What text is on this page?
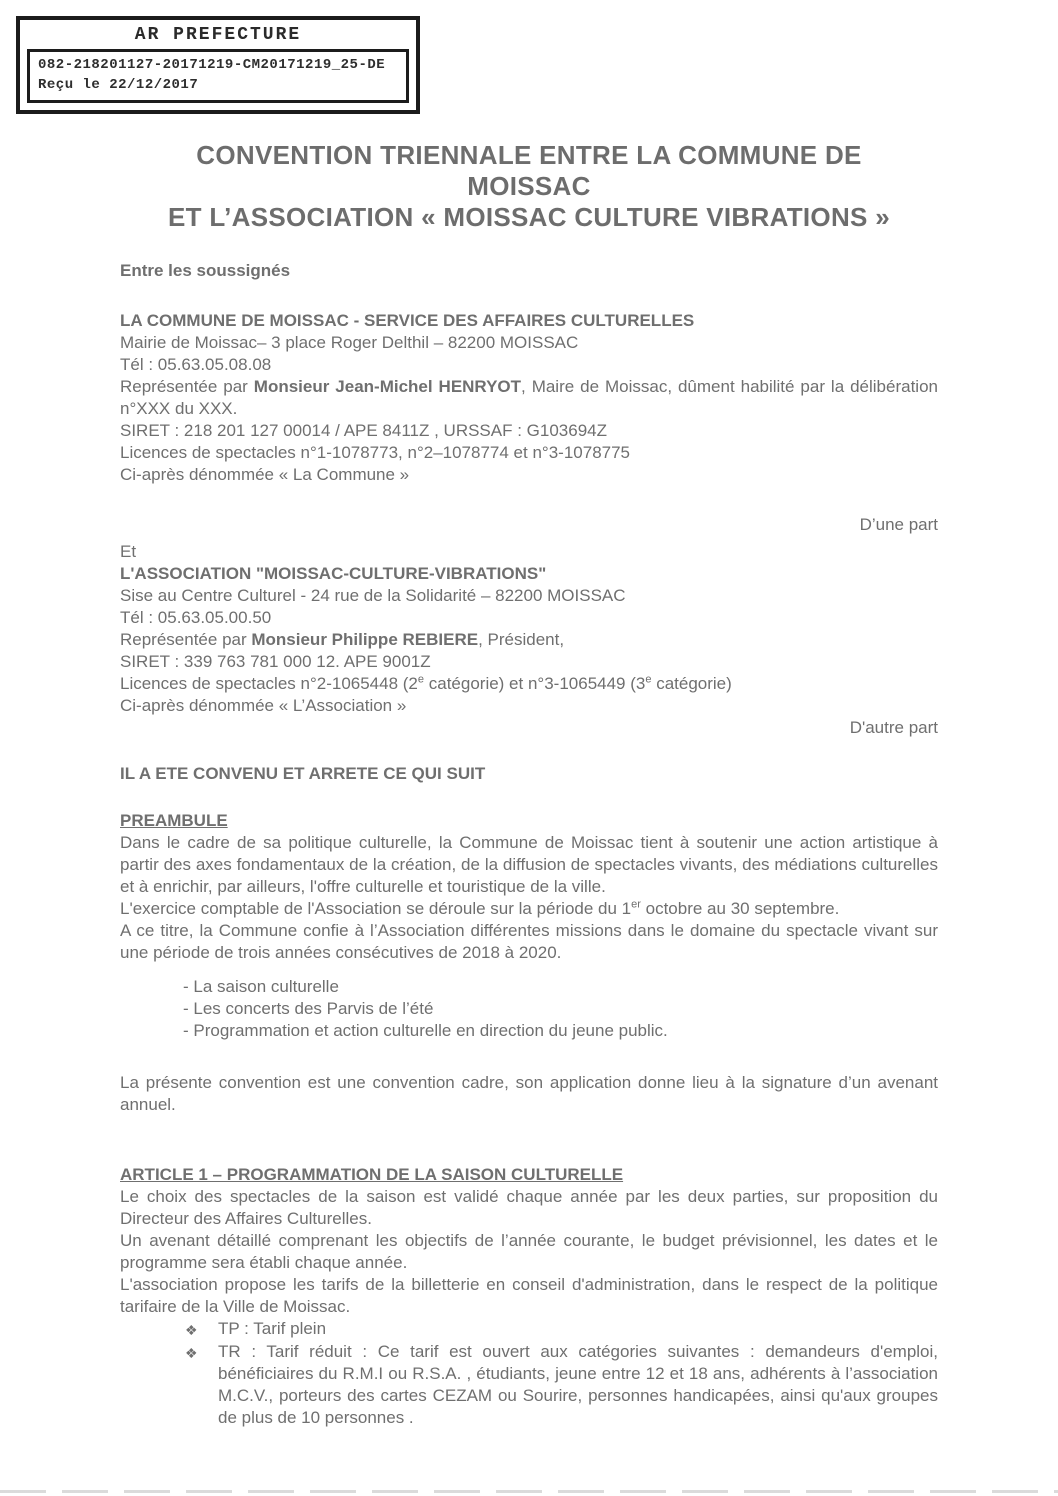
AR PREFECTURE
082-218201127-20171219-CM20171219_25-DE
Reçu le 22/12/2017
CONVENTION TRIENNALE ENTRE LA COMMUNE DE
MOISSAC
ET L’ASSOCIATION « MOISSAC CULTURE VIBRATIONS »
Entre les soussignés
LA COMMUNE DE MOISSAC - SERVICE DES AFFAIRES CULTURELLES
Mairie de Moissac– 3 place Roger Delthil – 82200 MOISSAC
Tél : 05.63.05.08.08

Représentée par Monsieur Jean-Michel HENRYOT, Maire de Moissac, dûment habilité par la délibération n°XXX du XXX.

SIRET : 218 201 127 00014 / APE 8411Z , URSSAF : G103694Z
Licences de spectacles n°1-1078773, n°2–1078774 et n°3-1078775
Ci-après dénommée « La Commune »
D’une part
Et
L'ASSOCIATION "MOISSAC-CULTURE-VIBRATIONS"
Sise au Centre Culturel - 24 rue de la Solidarité – 82200 MOISSAC
Tél : 05.63.05.00.50

Représentée par Monsieur Philippe REBIERE, Président,

SIRET : 339 763 781 000 12. APE 9001Z
Licences de spectacles n°2-1065448 (2e catégorie) et n°3-1065449 (3e catégorie)
Ci-après dénommée « L’Association »
D'autre part
IL A ETE CONVENU ET ARRETE CE QUI SUIT
PREAMBULE

Dans le cadre de sa politique culturelle, la Commune de Moissac tient à soutenir une action artistique à partir des axes fondamentaux de la création, de la diffusion de spectacles vivants, des médiations culturelles et à enrichir, par ailleurs, l'offre culturelle et touristique de la ville.

L'exercice comptable de l'Association se déroule sur la période du 1er octobre au 30 septembre.

A ce titre, la Commune confie à l’Association différentes missions dans le domaine du spectacle vivant sur une période de trois années consécutives de 2018 à 2020.

- La saison culturelle
- Les concerts des Parvis de l’été
- Programmation et action culturelle en direction du jeune public.

La présente convention est une convention cadre, son application donne lieu à la signature d’un avenant annuel.

ARTICLE 1 – PROGRAMMATION DE LA SAISON CULTURELLE

Le choix des spectacles de la saison est validé chaque année par les deux parties, sur proposition du Directeur des Affaires Culturelles.

Un avenant détaillé comprenant les objectifs de l’année courante, le budget prévisionnel, les dates et le programme sera établi chaque année.

L'association propose les tarifs de la billetterie en conseil d'administration, dans le respect de la politique tarifaire de la Ville de Moissac.

❖	TP : Tarif plein
❖	TR : Tarif réduit : Ce tarif est ouvert aux catégories suivantes : demandeurs d'emploi, bénéficiaires du R.M.I ou R.S.A. , étudiants, jeune entre 12 et 18 ans, adhérents à l’association M.C.V., porteurs des cartes CEZAM ou Sourire, personnes handicapées, ainsi qu'aux groupes de plus de 10 personnes .
